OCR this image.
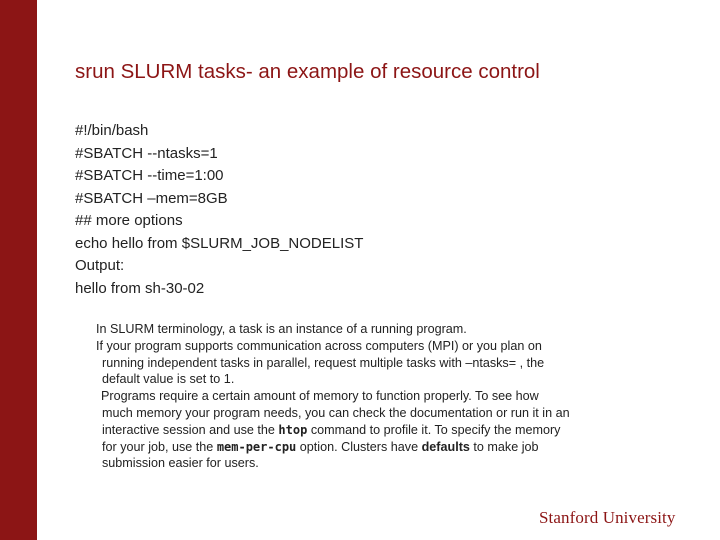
srun SLURM tasks- an example of resource control
#!/bin/bash
#SBATCH --ntasks=1
#SBATCH --time=1:00
#SBATCH –mem=8GB
## more options
echo hello from $SLURM_JOB_NODELIST
Output:
hello from sh-30-02
In SLURM terminology, a task is an instance of a running program.
If your program supports communication across computers (MPI) or you plan on
running independent tasks in parallel, request multiple tasks with –ntasks= , the
default value is set to 1.
Programs require a certain amount of memory to function properly. To see how
much memory your program needs, you can check the documentation or run it in an
interactive session and use the htop command to profile it. To specify the memory
for your job, use the mem-per-cpu option. Clusters have defaults to make job
submission easier for users.
Stanford University
